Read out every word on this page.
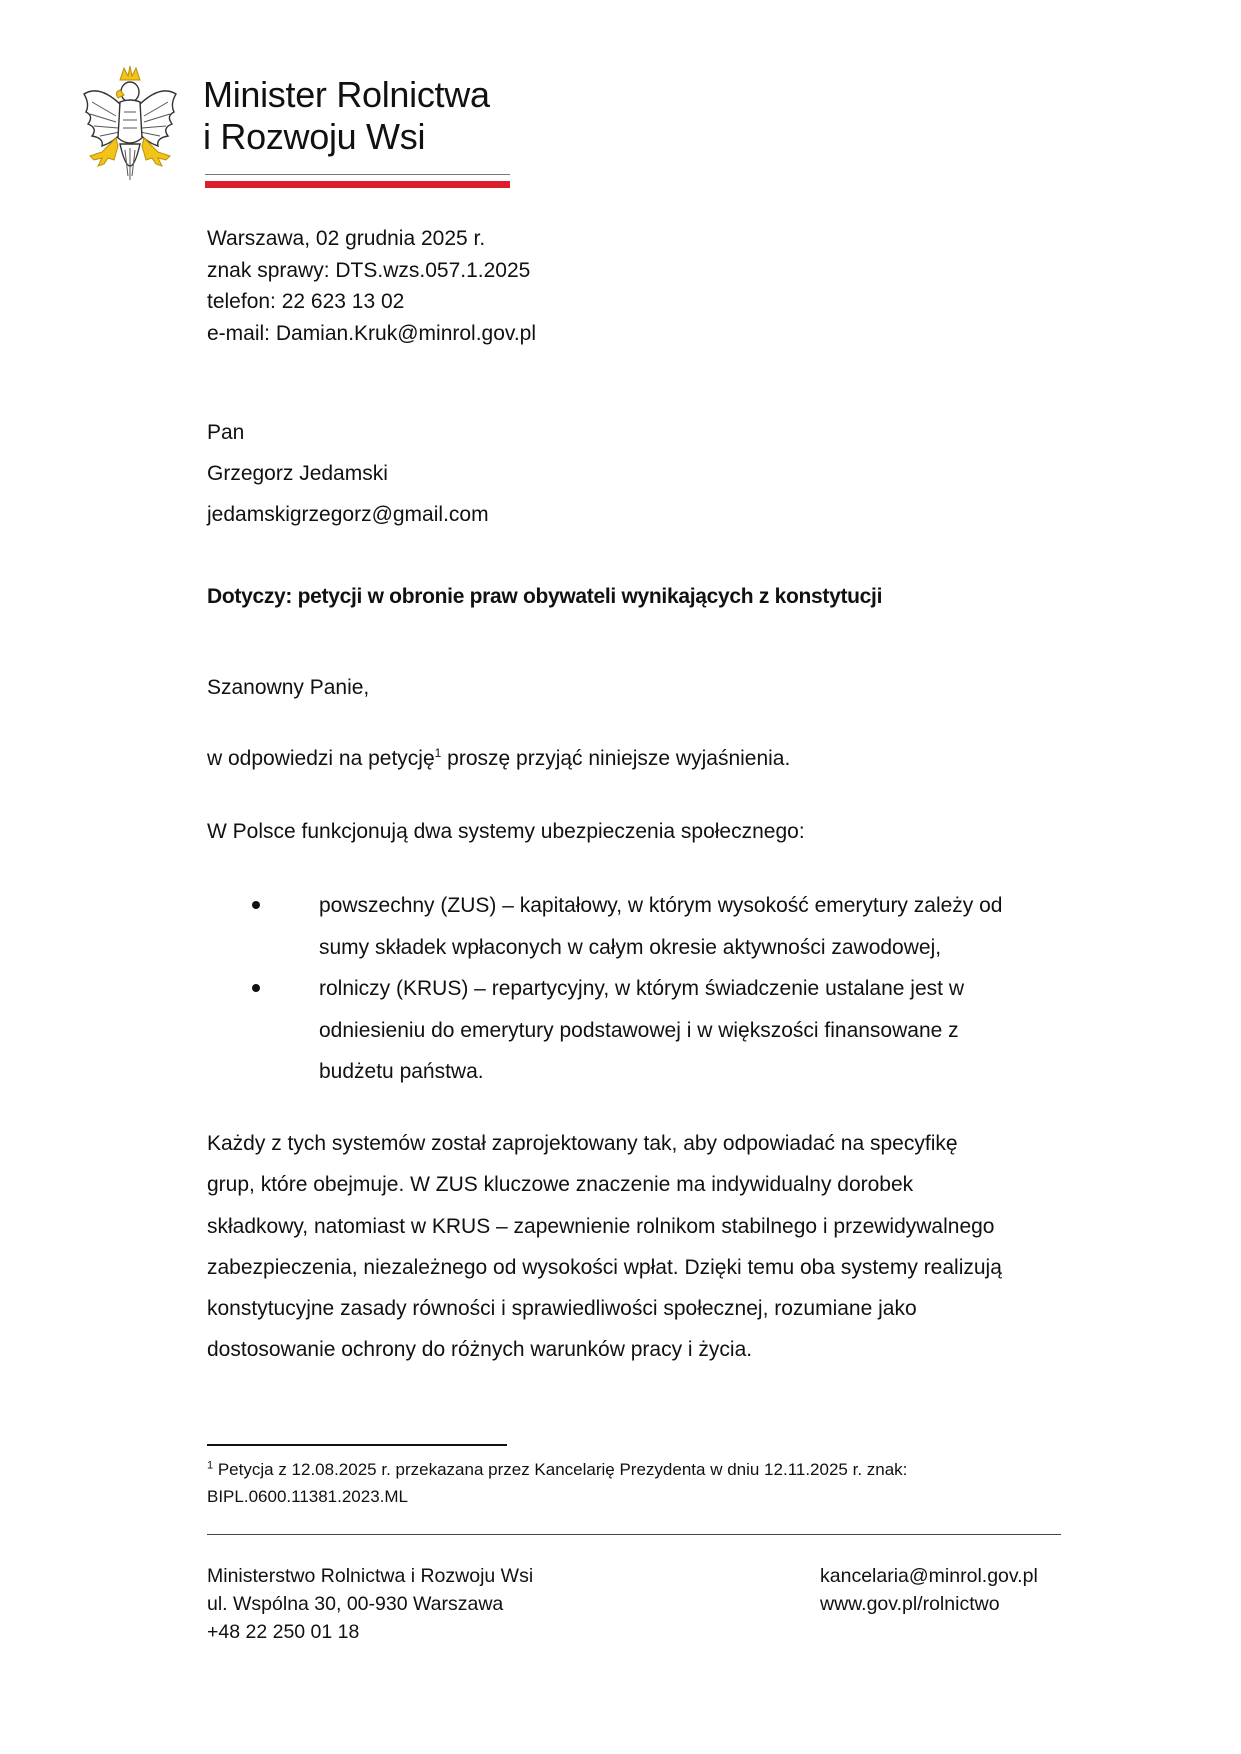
Minister Rolnictwa
i Rozwoju Wsi
Warszawa, 02 grudnia 2025 r.
znak sprawy: DTS.wzs.057.1.2025
telefon: 22 623 13 02
e-mail: Damian.Kruk@minrol.gov.pl
Pan
Grzegorz Jedamski
jedamskigrzegorz@gmail.com
Dotyczy: petycji w obronie praw obywateli wynikających z konstytucji
Szanowny Panie,
w odpowiedzi na petycję$^1$ proszę przyjąć niniejsze wyjaśnienia.
W Polsce funkcjonują dwa systemy ubezpieczenia społecznego:
powszechny (ZUS) – kapitałowy, w którym wysokość emerytury zależy od
sumy składek wpłaconych w całym okresie aktywności zawodowej,
rolniczy (KRUS) – repartycyjny, w którym świadczenie ustalane jest w
odniesieniu do emerytury podstawowej i w większości finansowane z
budżetu państwa.
Każdy z tych systemów został zaprojektowany tak, aby odpowiadać na specyfikę
grup, które obejmuje. W ZUS kluczowe znaczenie ma indywidualny dorobek
składkowy, natomiast w KRUS – zapewnienie rolnikom stabilnego i przewidywalnego
zabezpieczenia, niezależnego od wysokości wpłat. Dzięki temu oba systemy realizują
konstytucyjne zasady równości i sprawiedliwości społecznej, rozumiane jako
dostosowanie ochrony do różnych warunków pracy i życia.
$^1$ Petycja z 12.08.2025 r. przekazana przez Kancelarię Prezydenta w dniu 12.11.2025 r. znak:
BIPL.0600.11381.2023.ML
Ministerstwo Rolnictwa i Rozwoju Wsi
ul. Wspólna 30, 00-930 Warszawa
+48 22 250 01 18
kancelaria@minrol.gov.pl
www.gov.pl/rolnictwo
